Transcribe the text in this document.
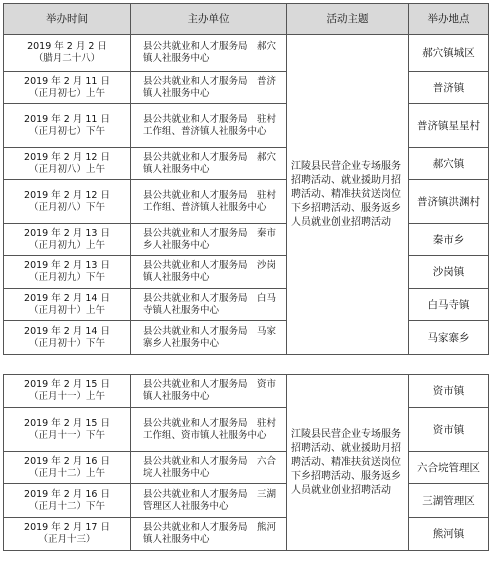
举办时间	主办单位	活动主题	举办地点

2019 年 2 月 2 日
（腊月二十八）	县公共就业和人才服务局　郝穴镇人社服务中心	江陵县民营企业专场服务招聘活动、就业援助月招聘活动、精准扶贫送岗位下乡招聘活动、服务返乡人员就业创业招聘活动	郝穴镇城区

2019 年 2 月 11 日
（正月初七）上午	县公共就业和人才服务局　普济镇人社服务中心		普济镇

2019 年 2 月 11 日
（正月初七）下午	县公共就业和人才服务局　驻村工作组、普济镇人社服务中心		普济镇星星村

2019 年 2 月 12 日
（正月初八）上午	县公共就业和人才服务局　郝穴镇人社服务中心		郝穴镇

2019 年 2 月 12 日
（正月初八）下午	县公共就业和人才服务局　驻村工作组、普济镇人社服务中心		普济镇洪渊村

2019 年 2 月 13 日
（正月初九）上午	县公共就业和人才服务局　秦市乡人社服务中心		秦市乡

2019 年 2 月 13 日
（正月初九）下午	县公共就业和人才服务局　沙岗镇人社服务中心		沙岗镇

2019 年 2 月 14 日
（正月初十）上午	县公共就业和人才服务局　白马寺镇人社服务中心		白马寺镇

2019 年 2 月 14 日
（正月初十）下午	县公共就业和人才服务局　马家寨乡人社服务中心		马家寨乡
2019 年 2 月 15 日
（正月十一）上午	县公共就业和人才服务局　资市镇人社服务中心	江陵县民营企业专场服务招聘活动、就业援助月招聘活动、精准扶贫送岗位下乡招聘活动、服务返乡人员就业创业招聘活动	资市镇

2019 年 2 月 15 日
（正月十一）下午	县公共就业和人才服务局　驻村工作组、资市镇人社服务中心		资市镇

2019 年 2 月 16 日
（正月十二）上午	县公共就业和人才服务局　六合垸人社服务中心		六合垸管理区

2019 年 2 月 16 日
（正月十二）下午	县公共就业和人才服务局　三湖管理区人社服务中心		三湖管理区

2019 年 2 月 17 日
（正月十三）	县公共就业和人才服务局　熊河镇人社服务中心		熊河镇
